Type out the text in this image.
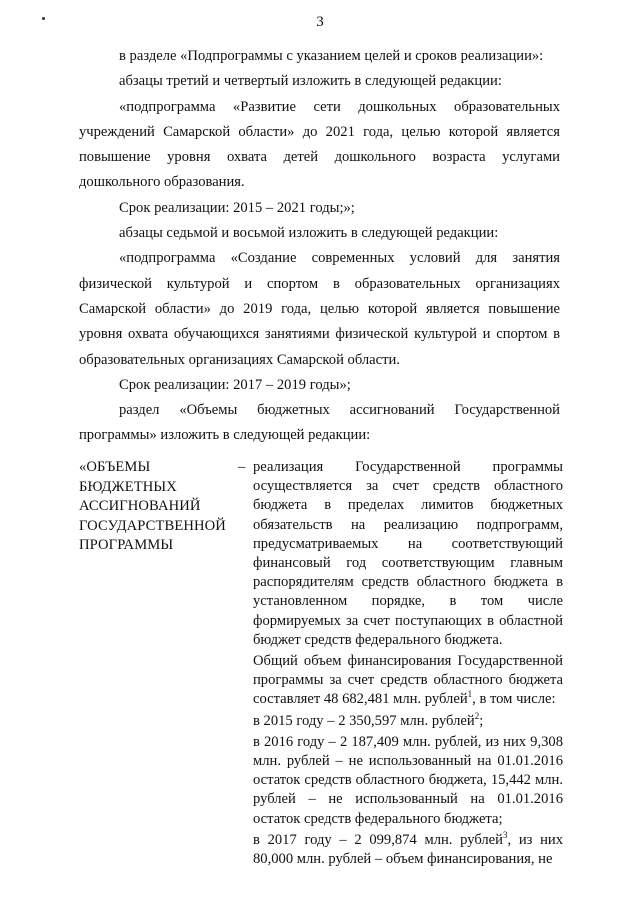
3

в разделе «Подпрограммы с указанием целей и сроков реализации»:

абзацы третий и четвертый изложить в следующей редакции:

«подпрограмма «Развитие сети дошкольных образовательных учреждений Самарской области» до 2021 года, целью которой является повышение уровня охвата детей дошкольного возраста услугами дошкольного образования.

Срок реализации: 2015 – 2021 годы;»;

абзацы седьмой и восьмой изложить в следующей редакции:

«подпрограмма «Создание современных условий для занятия физической культурой и спортом в образовательных организациях Самарской области» до 2019 года, целью которой является повышение уровня охвата обучающихся занятиями физической культурой и спортом в образовательных организациях Самарской области.

Срок реализации: 2017 – 2019 годы»;

раздел «Объемы бюджетных ассигнований Государственной программы» изложить в следующей редакции:

«ОБЪЕМЫ
БЮДЖЕТНЫХ
АССИГНОВАНИЙ
ГОСУДАРСТВЕННОЙ
ПРОГРАММЫ
– реализация Государственной программы осуществляется за счет средств областного бюджета в пределах лимитов бюджетных обязательств на реализацию подпрограмм, предусматриваемых на соответствующий финансовый год соответствующим главным распорядителям средств областного бюджета в установленном порядке, в том числе формируемых за счет поступающих в областной бюджет средств федерального бюджета.

Общий объем финансирования Государственной программы за счет средств областного бюджета составляет 48 682,481 млн. рублей$^1$, в том числе:

в 2015 году – 2 350,597 млн. рублей$^2$;

в 2016 году – 2 187,409 млн. рублей, из них 9,308 млн. рублей – не использованный на 01.01.2016 остаток средств областного бюджета, 15,442 млн. рублей – не использованный на 01.01.2016 остаток средств федерального бюджета;

в 2017 году – 2 099,874 млн. рублей$^3$, из них 80,000 млн. рублей – объем финансирования, не
